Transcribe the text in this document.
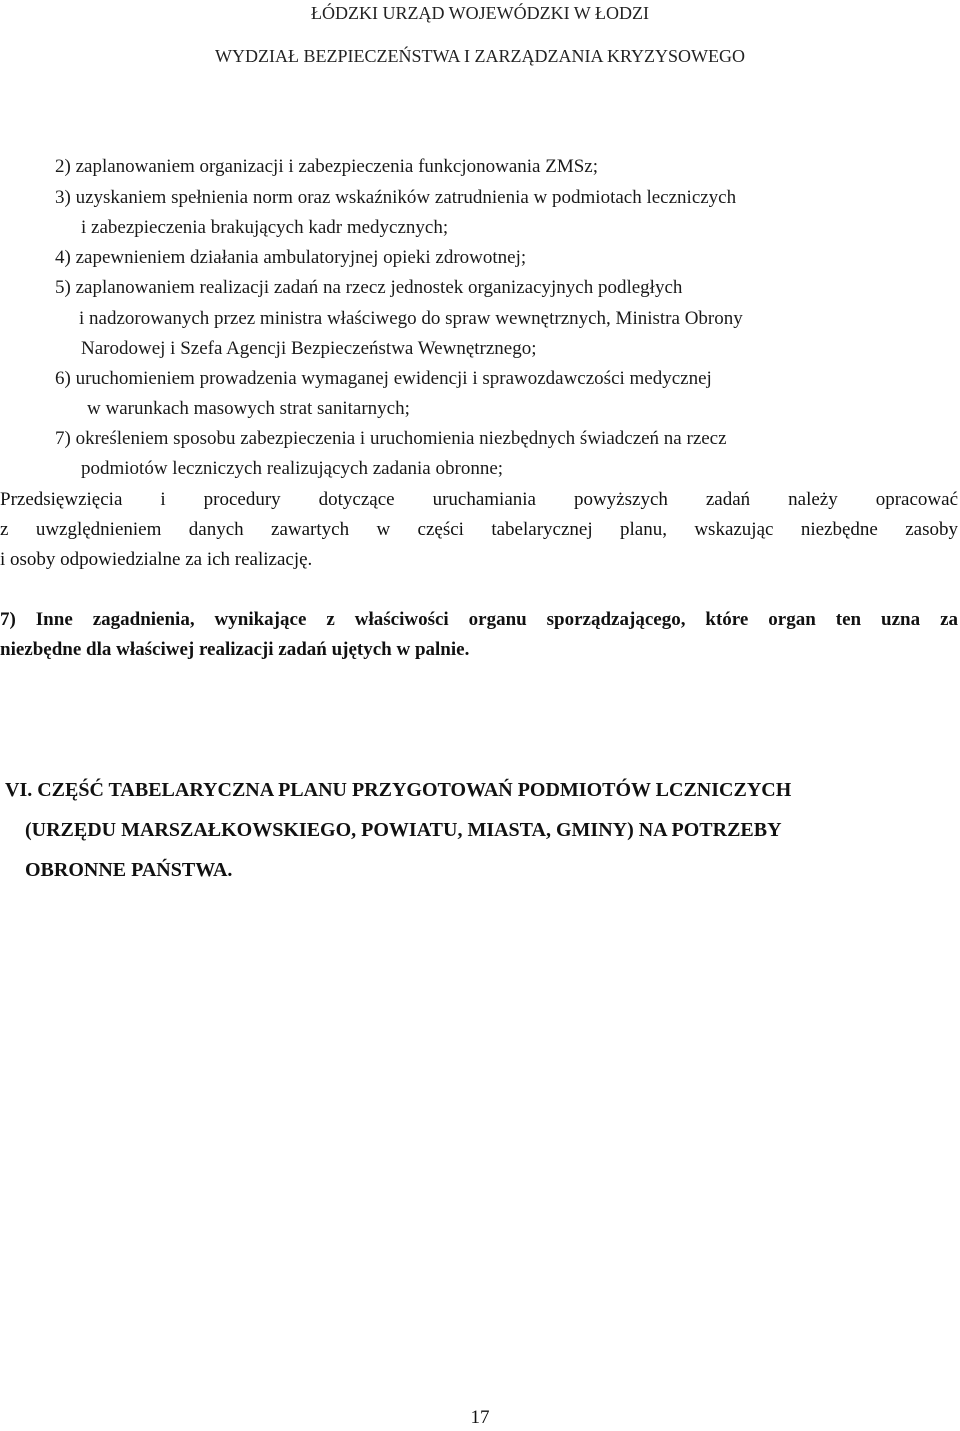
ŁÓDZKI URZĄD WOJEWÓDZKI W ŁODZI
WYDZIAŁ BEZPIECZEŃSTWA I ZARZĄDZANIA KRYZYSOWEGO
2) zaplanowaniem organizacji i zabezpieczenia funkcjonowania ZMSz;
3) uzyskaniem spełnienia norm oraz wskaźników zatrudnienia w podmiotach leczniczych
i zabezpieczenia brakujących kadr medycznych;
4) zapewnieniem działania ambulatoryjnej opieki zdrowotnej;
5) zaplanowaniem realizacji zadań na rzecz jednostek organizacyjnych podległych
i nadzorowanych przez ministra właściwego do spraw wewnętrznych, Ministra Obrony
Narodowej i Szefa Agencji Bezpieczeństwa Wewnętrznego;
6) uruchomieniem prowadzenia wymaganej ewidencji i sprawozdawczości medycznej
w warunkach masowych strat sanitarnych;
7) określeniem sposobu zabezpieczenia i uruchomienia niezbędnych świadczeń na rzecz
podmiotów leczniczych realizujących zadania obronne;
Przedsięwzięcia i procedury dotyczące uruchamiania powyższych zadań należy opracować
z uwzględnieniem danych zawartych w części tabelarycznej planu, wskazując niezbędne zasoby
i osoby odpowiedzialne za ich realizację.
7) Inne zagadnienia, wynikające z właściwości organu sporządzającego, które organ ten uzna za
niezbędne dla właściwej realizacji zadań ujętych w palnie.
VI. CZĘŚĆ TABELARYCZNA PLANU PRZYGOTOWAŃ PODMIOTÓW LCZNICZYCH
(URZĘDU MARSZAŁKOWSKIEGO, POWIATU, MIASTA, GMINY) NA POTRZEBY
OBRONNE PAŃSTWA.
17
